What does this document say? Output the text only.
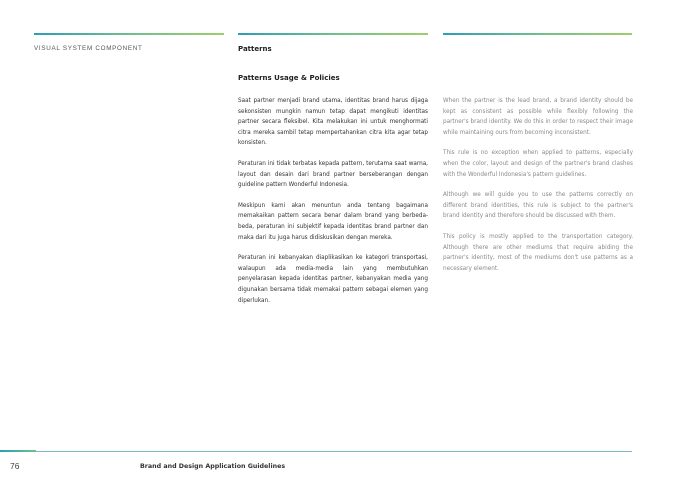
VISUAL SYSTEM COMPONENT	Patterns
Patterns Usage & Policies

Saat partner menjadi brand utama, identitas brand harus dijaga sekonsisten mungkin namun tetap dapat mengikuti identitas partner secara fleksibel. Kita melakukan ini untuk menghormati citra mereka sambil tetap mempertahankan citra kita agar tetap konsisten.

Peraturan ini tidak terbatas kepada pattern, terutama saat warna, layout dan desain dari brand partner berseberangan dengan guideline pattern Wonderful Indonesia.

Meskipun kami akan menuntun anda tentang bagaimana memakaikan pattern secara benar dalam brand yang berbeda-beda, peraturan ini subjektif kepada identitas brand partner dan maka dari itu juga harus didiskusikan dengan mereka.

Peraturan ini kebanyakan diaplikasikan ke kategori transportasi, walaupun ada media-media lain yang membutuhkan penyelarasan kepada identitas partner, kebanyakan media yang digunakan bersama tidak memakai pattern sebagai elemen yang diperlukan.

When the partner is the lead brand, a brand identity should be kept as consistent as possible while flexibly following the partner's brand identity. We do this in order to respect their image while maintaining ours from becoming inconsistent.

This rule is no exception when applied to patterns, especially when the color, layout and design of the partner's brand clashes with the Wonderful Indonesia's pattern guidelines.

Although we will guide you to use the patterns correctly on different brand identities, this rule is subject to the partner's brand identity and therefore should be discussed with them.

This policy is mostly applied to the transportation category. Although there are other mediums that require abiding the partner's identity, most of the mediums don't use patterns as a necessary element.

76	Brand and Design Application Guidelines
